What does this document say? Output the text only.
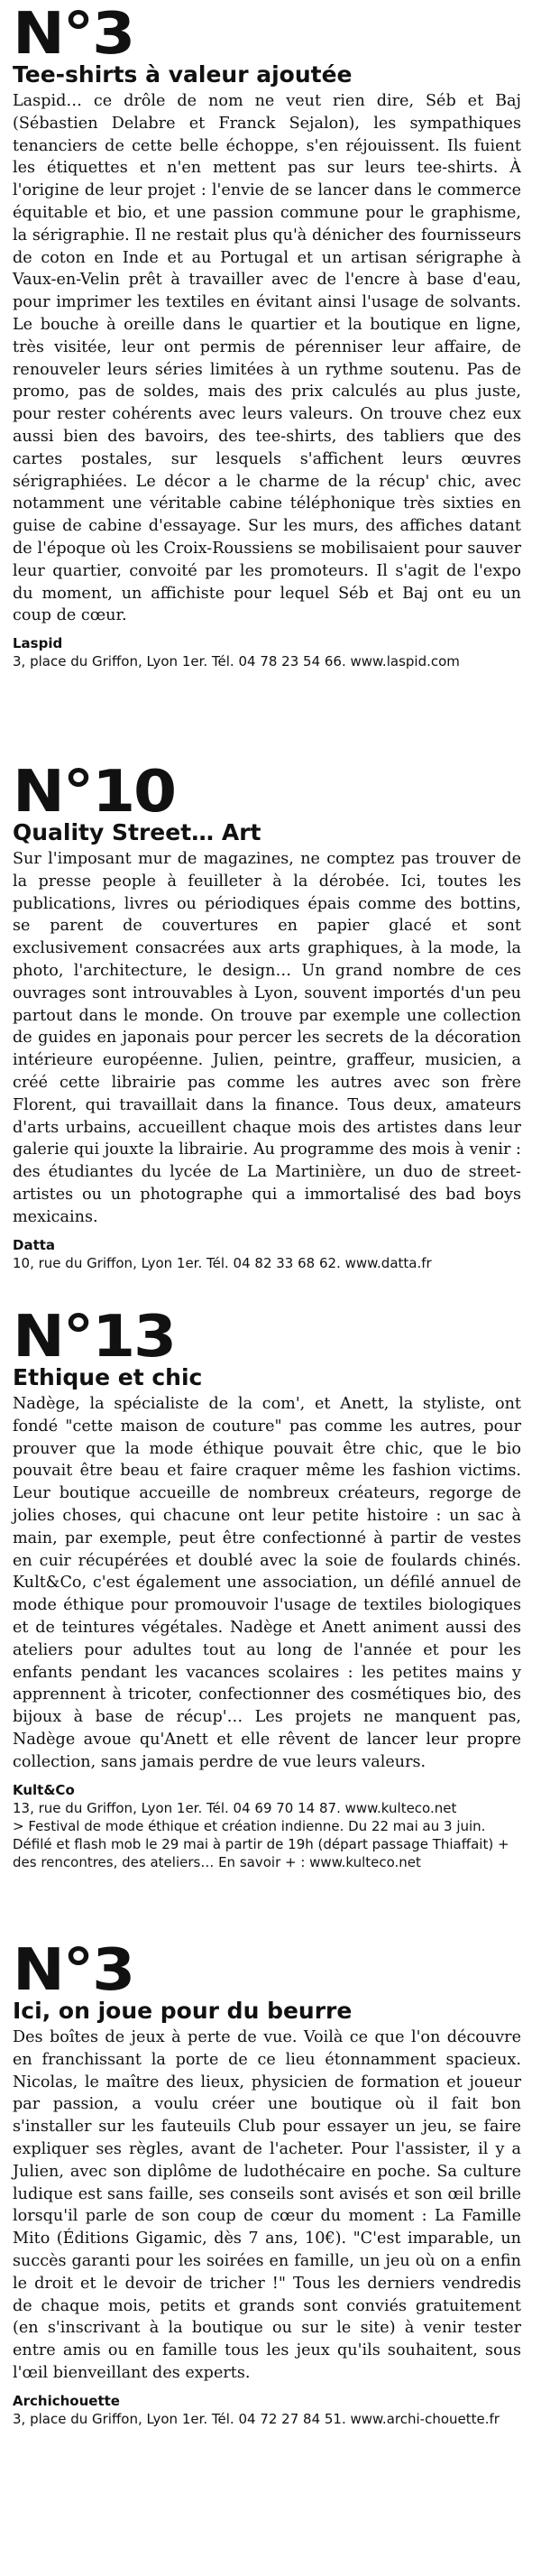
N°3
Tee-shirts à valeur ajoutée

Laspid… ce drôle de nom ne veut rien dire, Séb et Baj (Sébastien Delabre et Franck Sejalon), les sympathiques tenanciers de cette belle échoppe, s'en réjouissent. Ils fuient les étiquettes et n'en mettent pas sur leurs tee-shirts. À l'origine de leur projet : l'envie de se lancer dans le commerce équitable et bio, et une passion commune pour le graphisme, la sérigraphie. Il ne restait plus qu'à dénicher des fournisseurs de coton en Inde et au Portugal et un artisan sérigraphe à Vaux-en-Velin prêt à travailler avec de l'encre à base d'eau, pour imprimer les textiles en évitant ainsi l'usage de solvants. Le bouche à oreille dans le quartier et la boutique en ligne, très visitée, leur ont permis de pérenniser leur affaire, de renouveler leurs séries limitées à un rythme soutenu. Pas de promo, pas de soldes, mais des prix calculés au plus juste, pour rester cohérents avec leurs valeurs. On trouve chez eux aussi bien des bavoirs, des tee-shirts, des tabliers que des cartes postales, sur lesquels s'affichent leurs œuvres sérigraphiées. Le décor a le charme de la récup' chic, avec notamment une véritable cabine téléphonique très sixties en guise de cabine d'essayage. Sur les murs, des affiches datant de l'époque où les Croix-Roussiens se mobilisaient pour sauver leur quartier, convoité par les promoteurs. Il s'agit de l'expo du moment, un affichiste pour lequel Séb et Baj ont eu un coup de cœur.

Laspid
3, place du Griffon, Lyon 1er. Tél. 04 78 23 54 66. www.laspid.com
N°10
Quality Street… Art

Sur l'imposant mur de magazines, ne comptez pas trouver de la presse people à feuilleter à la dérobée. Ici, toutes les publications, livres ou périodiques épais comme des bottins, se parent de couvertures en papier glacé et sont exclusivement consacrées aux arts graphiques, à la mode, la photo, l'architecture, le design… Un grand nombre de ces ouvrages sont introuvables à Lyon, souvent importés d'un peu partout dans le monde. On trouve par exemple une collection de guides en japonais pour percer les secrets de la décoration intérieure européenne. Julien, peintre, graffeur, musicien, a créé cette librairie pas comme les autres avec son frère Florent, qui travaillait dans la finance. Tous deux, amateurs d'arts urbains, accueillent chaque mois des artistes dans leur galerie qui jouxte la librairie. Au programme des mois à venir : des étudiantes du lycée de La Martinière, un duo de street-artistes ou un photographe qui a immortalisé des bad boys mexicains.

Datta
10, rue du Griffon, Lyon 1er. Tél. 04 82 33 68 62. www.datta.fr
N°13
Ethique et chic

Nadège, la spécialiste de la com', et Anett, la styliste, ont fondé "cette maison de couture" pas comme les autres, pour prouver que la mode éthique pouvait être chic, que le bio pouvait être beau et faire craquer même les fashion victims. Leur boutique accueille de nombreux créateurs, regorge de jolies choses, qui chacune ont leur petite histoire : un sac à main, par exemple, peut être confectionné à partir de vestes en cuir récupérées et doublé avec la soie de foulards chinés. Kult&Co, c'est également une association, un défilé annuel de mode éthique pour promouvoir l'usage de textiles biologiques et de teintures végétales. Nadège et Anett animent aussi des ateliers pour adultes tout au long de l'année et pour les enfants pendant les vacances scolaires : les petites mains y apprennent à tricoter, confectionner des cosmétiques bio, des bijoux à base de récup'… Les projets ne manquent pas, Nadège avoue qu'Anett et elle rêvent de lancer leur propre collection, sans jamais perdre de vue leurs valeurs.

Kult&Co
13, rue du Griffon, Lyon 1er. Tél. 04 69 70 14 87. www.kulteco.net
> Festival de mode éthique et création indienne. Du 22 mai au 3 juin. Défilé et flash mob le 29 mai à partir de 19h (départ passage Thiaffait) + des rencontres, des ateliers… En savoir + : www.kulteco.net
N°3
Ici, on joue pour du beurre

Des boîtes de jeux à perte de vue. Voilà ce que l'on découvre en franchissant la porte de ce lieu étonnamment spacieux. Nicolas, le maître des lieux, physicien de formation et joueur par passion, a voulu créer une boutique où il fait bon s'installer sur les fauteuils Club pour essayer un jeu, se faire expliquer ses règles, avant de l'acheter. Pour l'assister, il y a Julien, avec son diplôme de ludothécaire en poche. Sa culture ludique est sans faille, ses conseils sont avisés et son œil brille lorsqu'il parle de son coup de cœur du moment : La Famille Mito (Éditions Gigamic, dès 7 ans, 10€). "C'est imparable, un succès garanti pour les soirées en famille, un jeu où on a enfin le droit et le devoir de tricher !" Tous les derniers vendredis de chaque mois, petits et grands sont conviés gratuitement (en s'inscrivant à la boutique ou sur le site) à venir tester entre amis ou en famille tous les jeux qu'ils souhaitent, sous l'œil bienveillant des experts.

Archichouette
3, place du Griffon, Lyon 1er. Tél. 04 72 27 84 51. www.archi-chouette.fr
